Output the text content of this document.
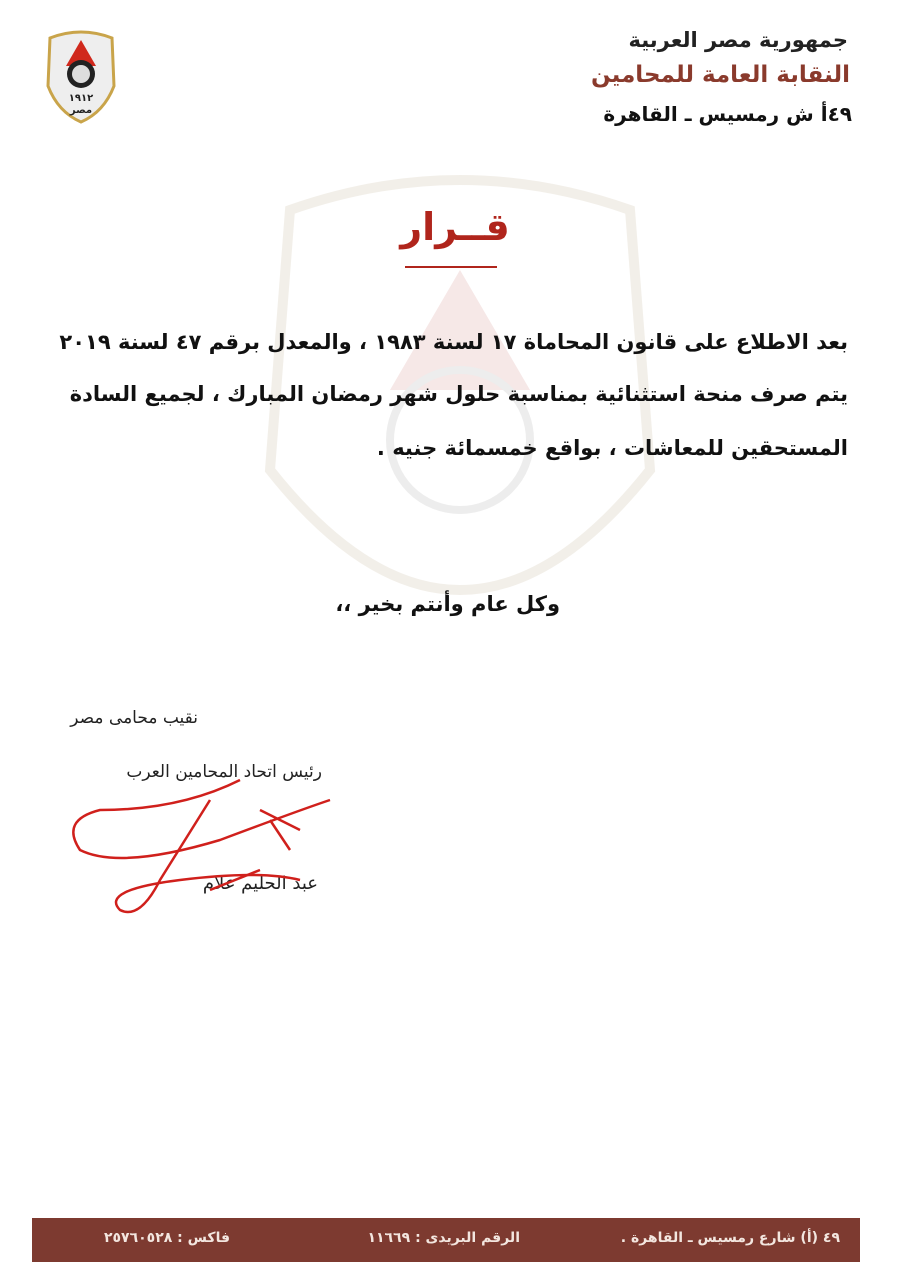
١٩١٢
مصر
جمهورية مصر العربية
النقابة العامة للمحامين
٤٩أ ش رمسيس ـ القاهرة
قــرار
بعد الاطلاع على قانون المحاماة ١٧ لسنة ١٩٨٣ ، والمعدل برقم ٤٧ لسنة ٢٠١٩
يتم صرف منحة استثنائية بمناسبة حلول شهر رمضان المبارك ، لجميع السادة
المستحقين للمعاشات ، بواقع خمسمائة جنيه .
وكل عام وأنتم بخير ،،
نقيب محامى مصر
رئيس اتحاد المحامين العرب
عبد الحليم علام
٤٩ (أ) شارع رمسيس ـ القاهرة .
الرقم البريدى : ١١٦٦٩
فاكس : ٢٥٧٦٠٥٢٨
